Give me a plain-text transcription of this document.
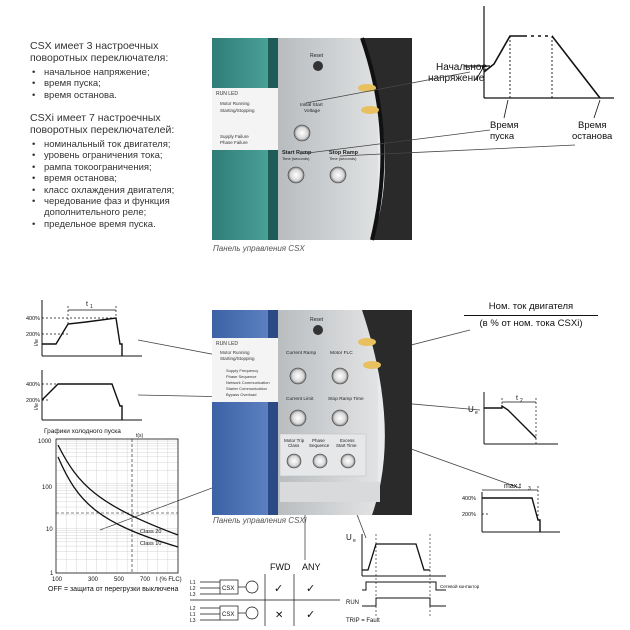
CSX имеет 3 настроечных
поворотных переключателя:
• начальное напряжение;
• время пуска;
• время останова.
CSXi имеет 7 настроечных
поворотных переключателей:
• номинальный ток двигателя;
• уровень ограничения тока;
• рампа токоограничения;
• время останова;
• класс охлаждения двигателя;
• чередование фаз и функция
дополнительного реле;
• предельное время пуска.
RUN LED
Motor Running
Starting/Stopping
Supply Failure
Phase Failure
Reset
Initial Start
Voltage
Start Ramp
Time (seconds)
Stop Ramp
Time (seconds)
Панель управления CSX
Начальное
напряжение
Время
пуска
Время
останова
RUN LED
Motor Running
Starting/Stopping
Supply Frequency
Phase Sequence
Network Communication
Starter Communication
Bypass Overload
Reset
Current Ramp	Motor FLC
Current Limit	Stop Ramp Time
Motor Trip
Class
Phase
Sequence
Excess
Start Time
Панель управления CSXi
Ном. ток двигателя
(в % от ном. тока CSXi)
t 1
400%
200%
I/Ie
400%
200%
I/Ie	U e
t 2
max t 3
400%
200%
Графики холодного пуска
t(s)
1000
100
10
1
100	300	500	700 I (% FLC)
Class 20
Class 10
OFF = защита от перегрузки выключена
FWD ANY
L1
L2
L3
CSX	✓ ✓
L2
L1
L3
CSX	✕ ✓
U e
Сетевой контактор
RUN
TRIP = Fault
